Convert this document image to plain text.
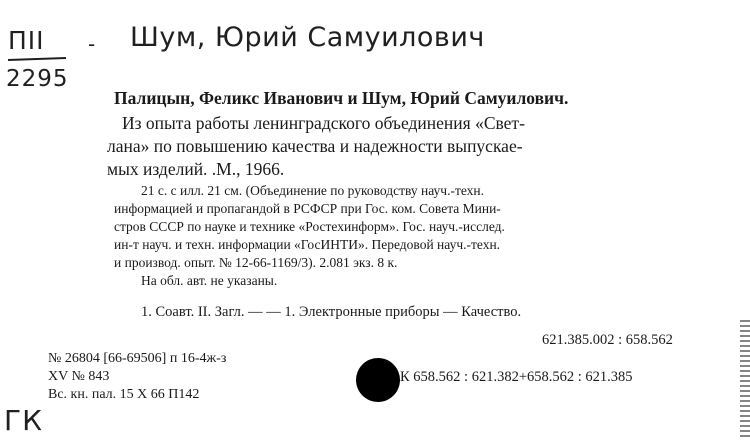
ПІІ -
2295
Шум, Юрий Самуилович
Палицын, Феликс Иванович и Шум, Юрий Самуилович.
Из опыта работы ленинградского объединения «Свет-
лана» по повышению качества и надежности выпускае-
мых изделий. .М., 1966.
21 с. с илл. 21 см. (Объединение по руководству науч.-техн.
информацией и пропагандой в РСФСР при Гос. ком. Совета Мини-
стров СССР по науке и технике «Ростехинформ». Гос. науч.-исслед.
ин-т науч. и техн. информации «ГосИНТИ». Передовой науч.-техн.
и производ. опыт. № 12-66-1169/3). 2.081 экз. 8 к.
На обл. авт. не указаны.
1. Соавт. II. Загл. — — 1. Электронные приборы — Качество.
621.385.002 : 658.562
№ 26804 [66-69506] п 16-4ж-з
XV № 843
Вс. кн. пал. 15 X 66 П142
К 658.562 : 621.382+658.562 : 621.385
ГК
